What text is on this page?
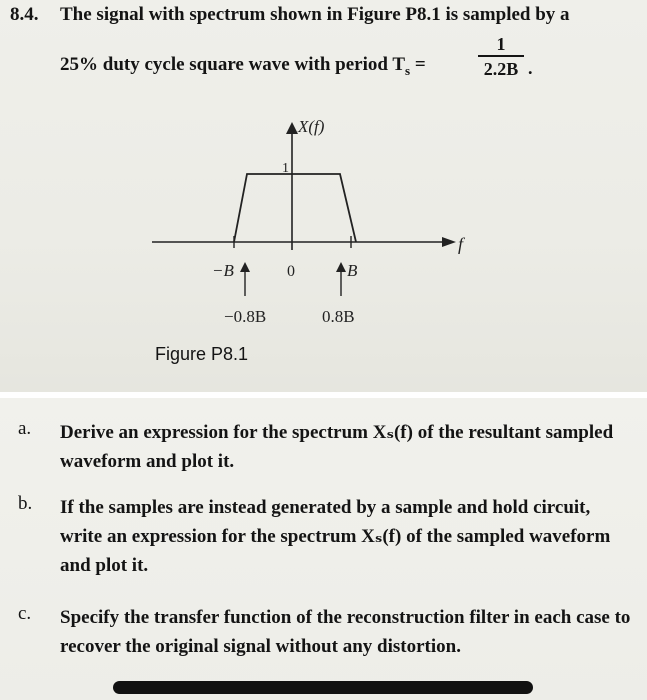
8.4. The signal with spectrum shown in Figure P8.1 is sampled by a
25% duty cycle square wave with period $T_s$ =
1
2.2B .
X(f)
f
1
−B	0	B
−0.8B	0.8B
Figure P8.1
a. Derive an expression for the spectrum Xₛ(f) of the resultant sampled waveform and plot it.
b. If the samples are instead generated by a sample and hold circuit, write an expression for the spectrum Xₛ(f) of the sampled waveform and plot it.
c. Specify the transfer function of the reconstruction filter in each case to recover the original signal without any distortion.
